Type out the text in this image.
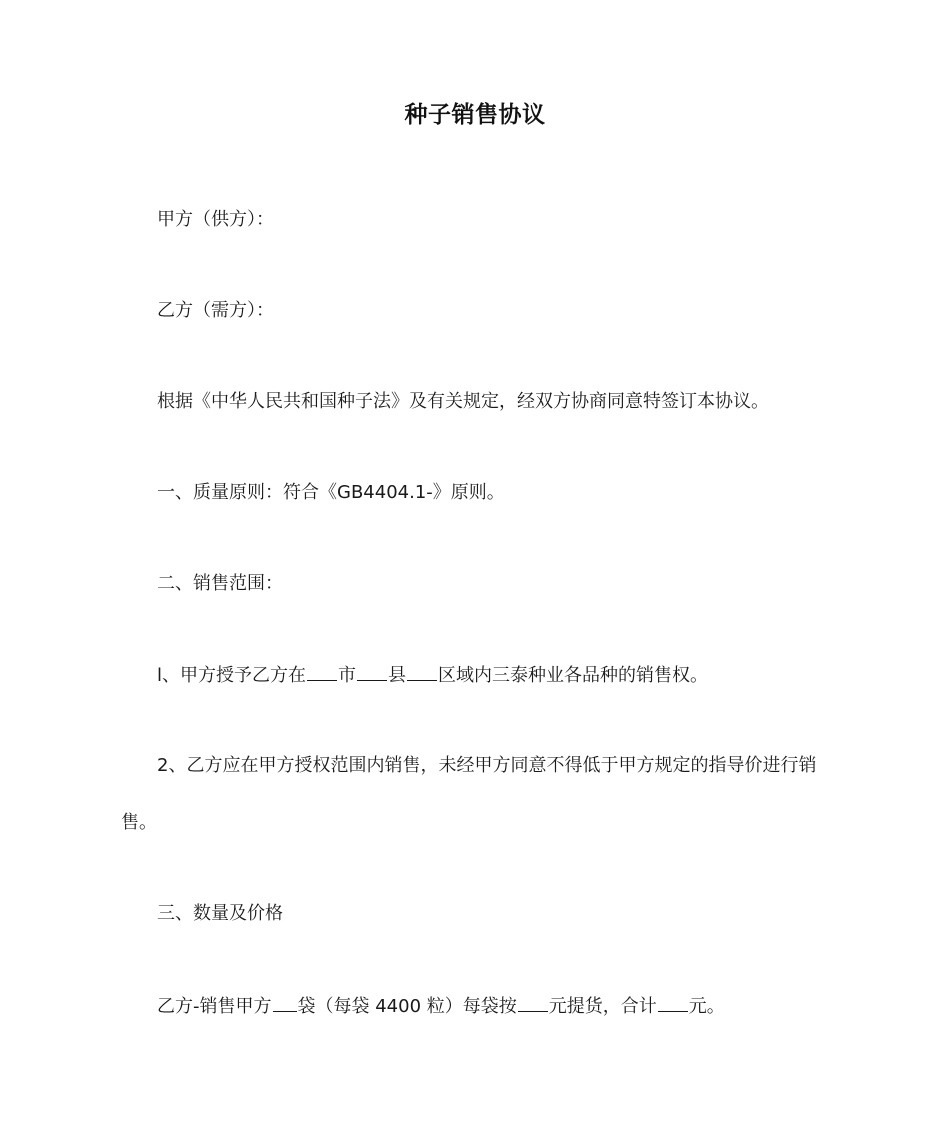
种子销售协议
甲方（供方）：
乙方（需方）：
根据《中华人民共和国种子法》及有关规定，经双方协商同意特签订本协议。
一、质量原则：符合《GB4404.1-》原则。
二、销售范围：
l、甲方授予乙方在 市 县 区域内三泰种业各品种的销售权。
2、乙方应在甲方授权范围内销售，未经甲方同意不得低于甲方规定的指导价进行销
售。
三、数量及价格
乙方-销售甲方 袋（每袋 4400 粒）每袋按 元提货，合计 元。
